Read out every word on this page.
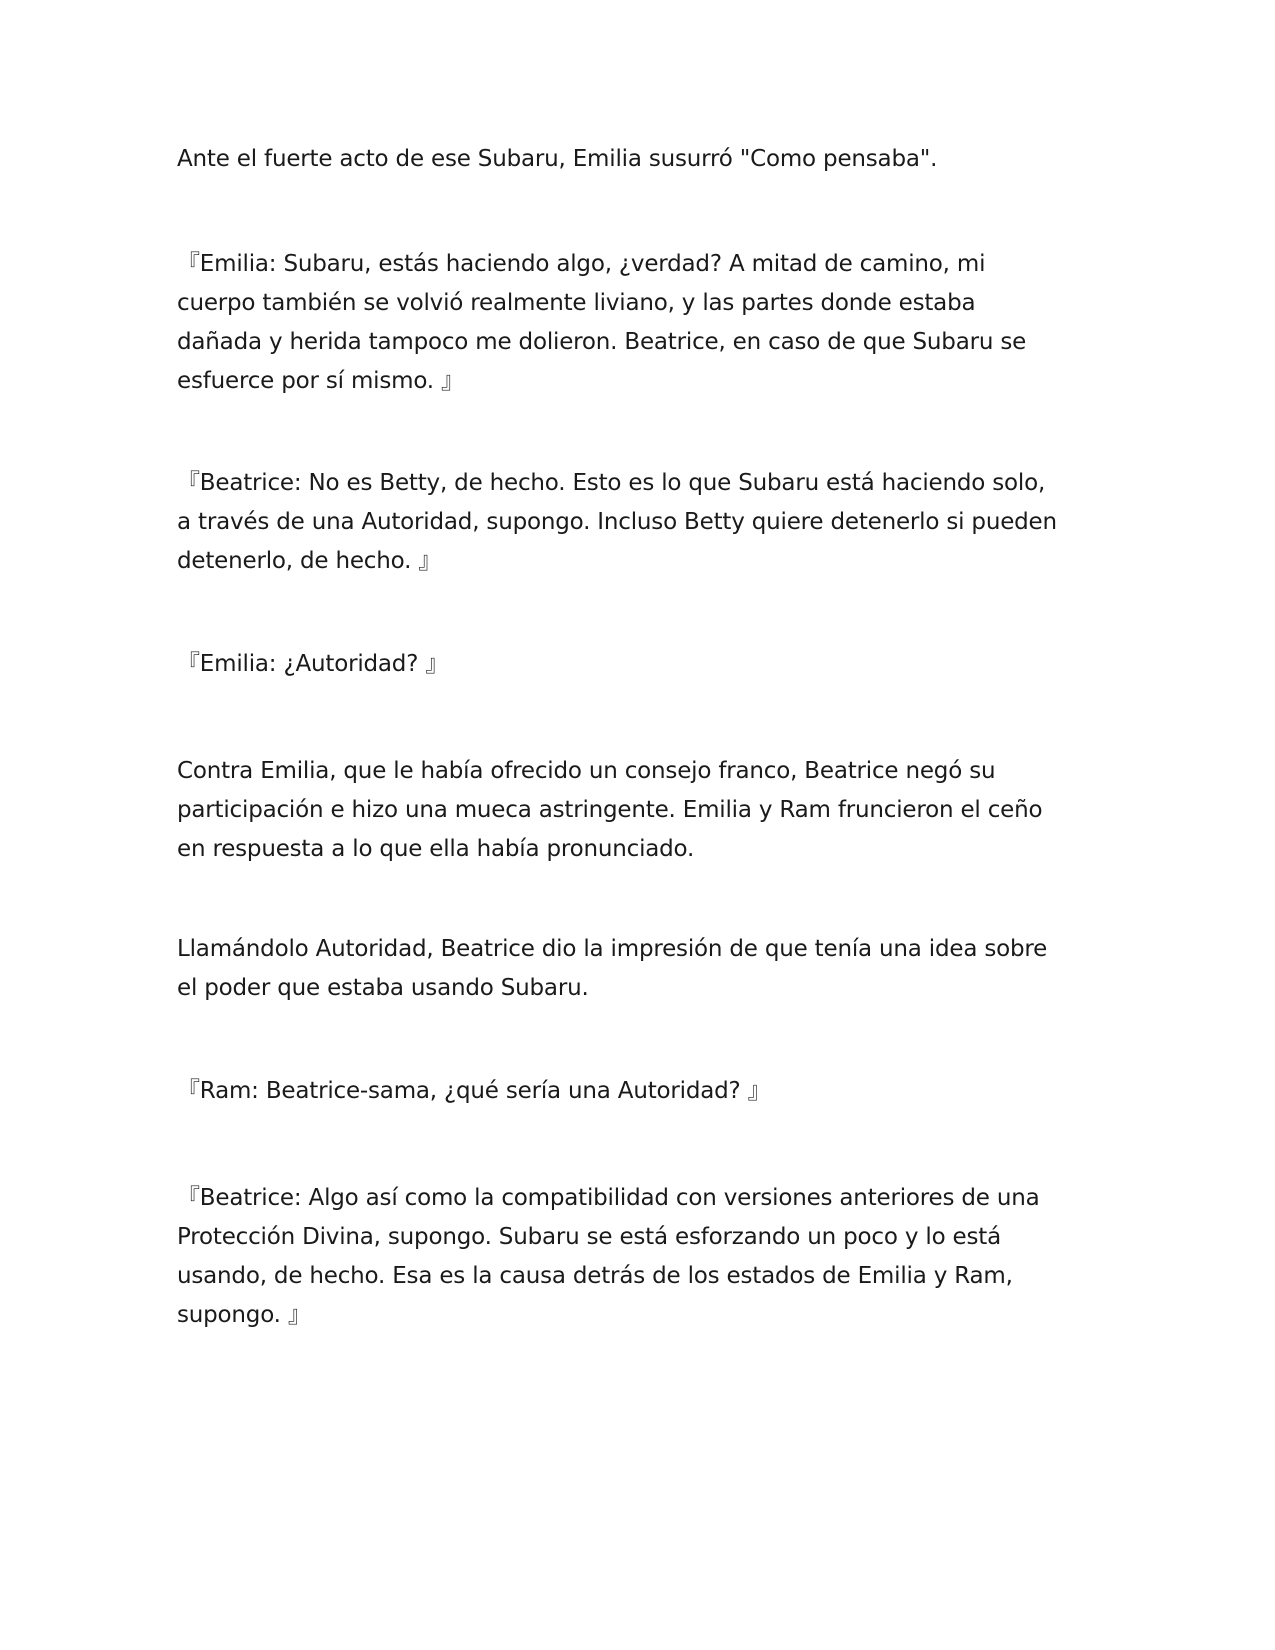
Ante el fuerte acto de ese Subaru, Emilia susurró "Como pensaba".

『Emilia: Subaru, estás haciendo algo, ¿verdad? A mitad de camino, mi
cuerpo también se volvió realmente liviano, y las partes donde estaba
dañada y herida tampoco me dolieron. Beatrice, en caso de que Subaru se
esfuerce por sí mismo. 』

『Beatrice: No es Betty, de hecho. Esto es lo que Subaru está haciendo solo,
a través de una Autoridad, supongo. Incluso Betty quiere detenerlo si pueden
detenerlo, de hecho. 』

『Emilia: ¿Autoridad? 』

Contra Emilia, que le había ofrecido un consejo franco, Beatrice negó su
participación e hizo una mueca astringente. Emilia y Ram fruncieron el ceño
en respuesta a lo que ella había pronunciado.

Llamándolo Autoridad, Beatrice dio la impresión de que tenía una idea sobre
el poder que estaba usando Subaru.

『Ram: Beatrice-sama, ¿qué sería una Autoridad? 』

『Beatrice: Algo así como la compatibilidad con versiones anteriores de una
Protección Divina, supongo. Subaru se está esforzando un poco y lo está
usando, de hecho. Esa es la causa detrás de los estados de Emilia y Ram,
supongo. 』
